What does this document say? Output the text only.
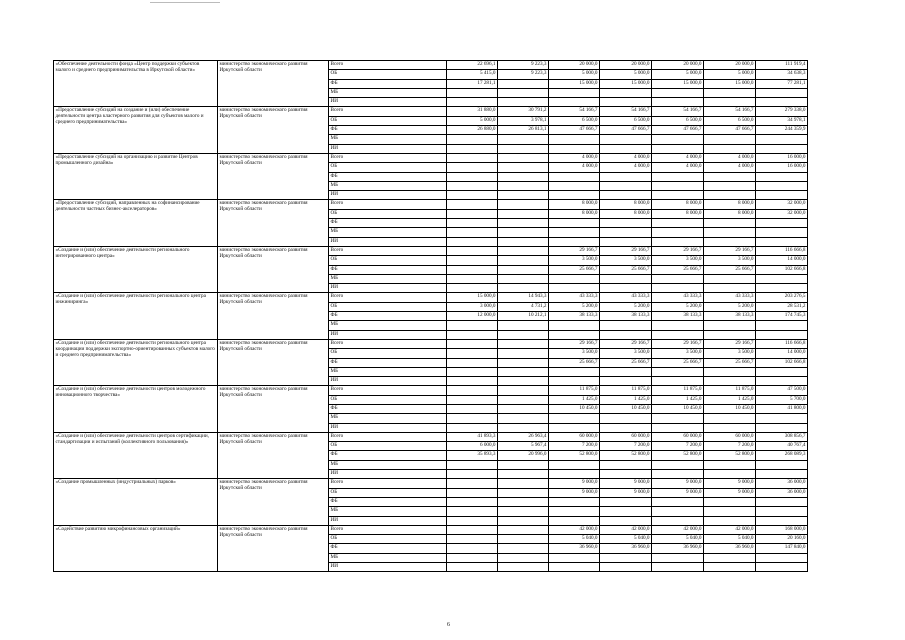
«Обеспечение деятельности фонда «Центр поддержки субъектов малого и среднего предпринимательства в Иркутской области»	министерство экономического развития Иркутской области	Всего	22 696,1	9 223,3	20 000,0	20 000,0	20 000,0	20 000,0	111 919,4
		ОБ	5 415,0	9 223,3	5 000,0	5 000,0	5 000,0	5 000,0	34 638,3
		ФБ	17 281,1		15 000,0	15 000,0	15 000,0	15 000,0	77 281,1
		МБ							
		ИИ							
«Предоставление субсидий на создание и (или) обеспечение деятельности центра кластерного развития для субъектов малого и среднего предпринимательства»	министерство экономического развития Иркутской области	Всего	31 880,0	30 791,2	54 166,7	54 166,7	54 166,7	54 166,7	279 338,0
		ОБ	5 000,0	3 978,1	6 500,0	6 500,0	6 500,0	6 500,0	34 978,1
		ФБ	26 880,0	26 813,1	47 666,7	47 666,7	47 666,7	47 666,7	244 359,9
		МБ							
		ИИ							
«Предоставление субсидий на организацию и развитие Центров промышленного дизайна»	министерство экономического развития Иркутской области	Всего			4 000,0	4 000,0	4 000,0	4 000,0	16 000,0
		ОБ			4 000,0	4 000,0	4 000,0	4 000,0	16 000,0
		ФБ							
		МБ							
		ИИ							
«Предоставление субсидий, направленных на софинансирование деятельности частных бизнес-акселераторов»	министерство экономического развития Иркутской области	Всего			8 000,0	8 000,0	8 000,0	8 000,0	32 000,0
		ОБ			8 000,0	8 000,0	8 000,0	8 000,0	32 000,0
		ФБ							
		МБ							
		ИИ							
«Создание и (или) обеспечение деятельности регионального интегрированного центра»	министерство экономического развития Иркутской области	Всего			29 166,7	29 166,7	29 166,7	29 166,7	116 666,8
		ОБ			3 500,0	3 500,0	3 500,0	3 500,0	14 000,0
		ФБ			25 666,7	25 666,7	25 666,7	25 666,7	102 666,8
		МБ							
		ИИ							
«Создание и (или) обеспечение деятельности регионального центра инжиниринга»	министерство экономического развития Иркутской области	Всего	15 000,0	14 943,3	43 333,3	43 333,3	43 333,3	43 333,3	203 276,5
		ОБ	3 000,0	4 731,2	5 200,0	5 200,0	5 200,0	5 200,0	28 531,2
		ФБ	12 000,0	10 212,1	38 133,3	38 133,3	38 133,3	38 133,3	174 745,3
		МБ							
		ИИ							
«Создание и (или) обеспечение деятельности регионального центра координации поддержки экспортно-ориентированных субъектов малого и среднего предпринимательства»	министерство экономического развития Иркутской области	Всего			29 166,7	29 166,7	29 166,7	29 166,7	116 666,8
		ОБ			3 500,0	3 500,0	3 500,0	3 500,0	14 000,0
		ФБ			25 666,7	25 666,7	25 666,7	25 666,7	102 666,8
		МБ							
		ИИ							
«Создание и (или) обеспечение деятельности центров молодежного инновационного творчества»	министерство экономического развития Иркутской области	Всего			11 875,0	11 875,0	11 875,0	11 875,0	47 500,0
		ОБ			1 425,0	1 425,0	1 425,0	1 425,0	5 700,0
		ФБ			10 450,0	10 450,0	10 450,0	10 450,0	41 800,0
		МБ							
		ИИ							
«Создание и (или) обеспечение деятельности центров сертификации, стандартизации и испытаний (коллективного пользования)»	министерство экономического развития Иркутской области	Всего	41 893,3	26 963,4	60 000,0	60 000,0	60 000,0	60 000,0	308 856,7
		ОБ	6 000,0	5 967,4	7 200,0	7 200,0	7 200,0	7 200,0	40 767,4
		ФБ	35 893,3	20 996,0	52 800,0	52 800,0	52 800,0	52 800,0	268 089,3
		МБ							
		ИИ							
«Создание промышленных (индустриальных) парков»	министерство экономического развития Иркутской области	Всего			9 000,0	9 000,0	9 000,0	9 000,0	36 000,0
		ОБ			9 000,0	9 000,0	9 000,0	9 000,0	36 000,0
		ФБ							
		МБ							
		ИИ							
«Содействие развитию микрофинансовых организаций»	министерство экономического развития Иркутской области	Всего			42 000,0	42 000,0	42 000,0	42 000,0	168 000,0
		ОБ			5 040,0	5 040,0	5 040,0	5 040,0	20 160,0
		ФБ			36 960,0	36 960,0	36 960,0	36 960,0	147 840,0
		МБ							
		ИИ							
6
